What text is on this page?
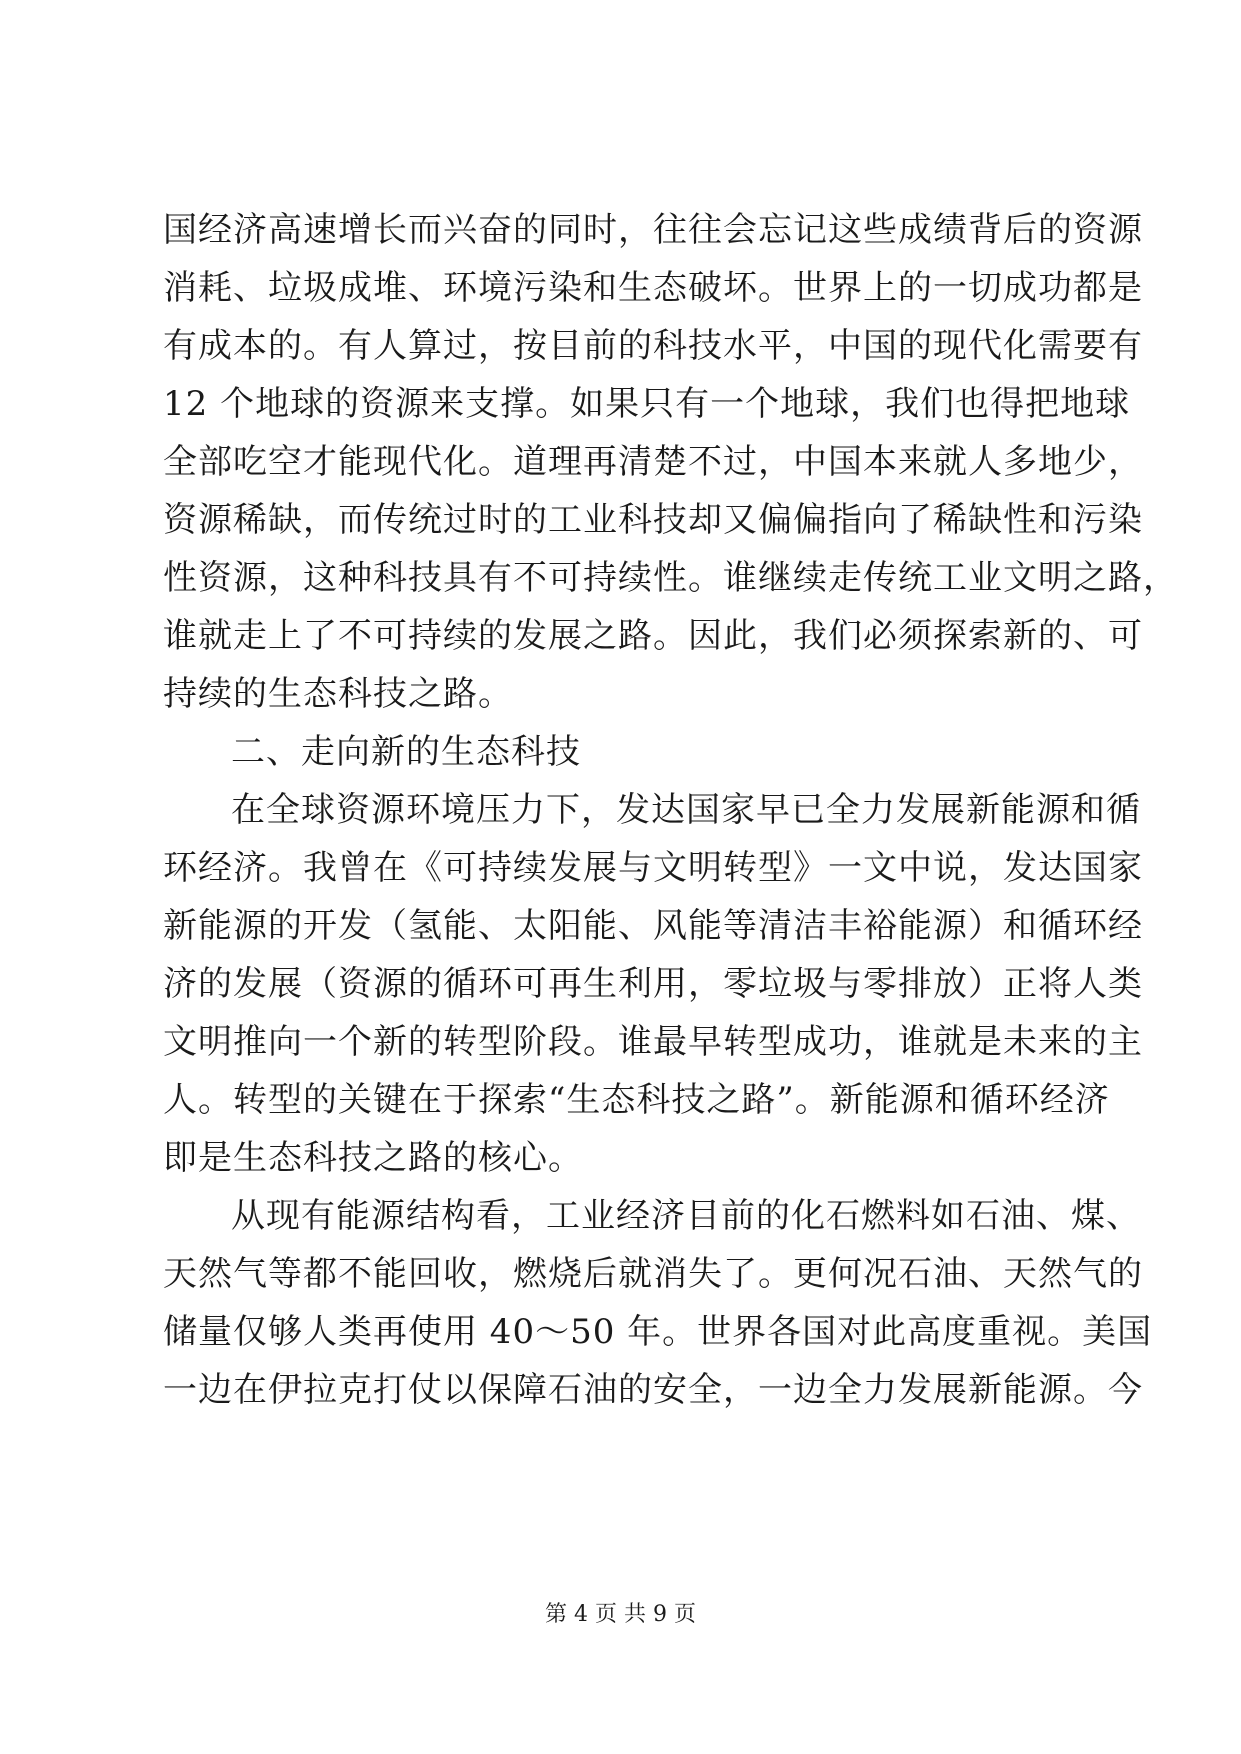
国经济高速增长而兴奋的同时，往往会忘记这些成绩背后的资源
消耗、垃圾成堆、环境污染和生态破坏。世界上的一切成功都是
有成本的。有人算过，按目前的科技水平，中国的现代化需要有
12 个地球的资源来支撑。如果只有一个地球，我们也得把地球
全部吃空才能现代化。道理再清楚不过，中国本来就人多地少，
资源稀缺，而传统过时的工业科技却又偏偏指向了稀缺性和污染
性资源，这种科技具有不可持续性。谁继续走传统工业文明之路，
谁就走上了不可持续的发展之路。因此，我们必须探索新的、可
持续的生态科技之路。
二、走向新的生态科技
在全球资源环境压力下，发达国家早已全力发展新能源和循
环经济。我曾在《可持续发展与文明转型》一文中说，发达国家
新能源的开发（氢能、太阳能、风能等清洁丰裕能源）和循环经
济的发展（资源的循环可再生利用，零垃圾与零排放）正将人类
文明推向一个新的转型阶段。谁最早转型成功，谁就是未来的主
人。转型的关键在于探索“生态科技之路”。新能源和循环经济
即是生态科技之路的核心。
从现有能源结构看，工业经济目前的化石燃料如石油、煤、
天然气等都不能回收，燃烧后就消失了。更何况石油、天然气的
储量仅够人类再使用 40～50 年。世界各国对此高度重视。美国
一边在伊拉克打仗以保障石油的安全，一边全力发展新能源。今
第 4 页 共 9 页
